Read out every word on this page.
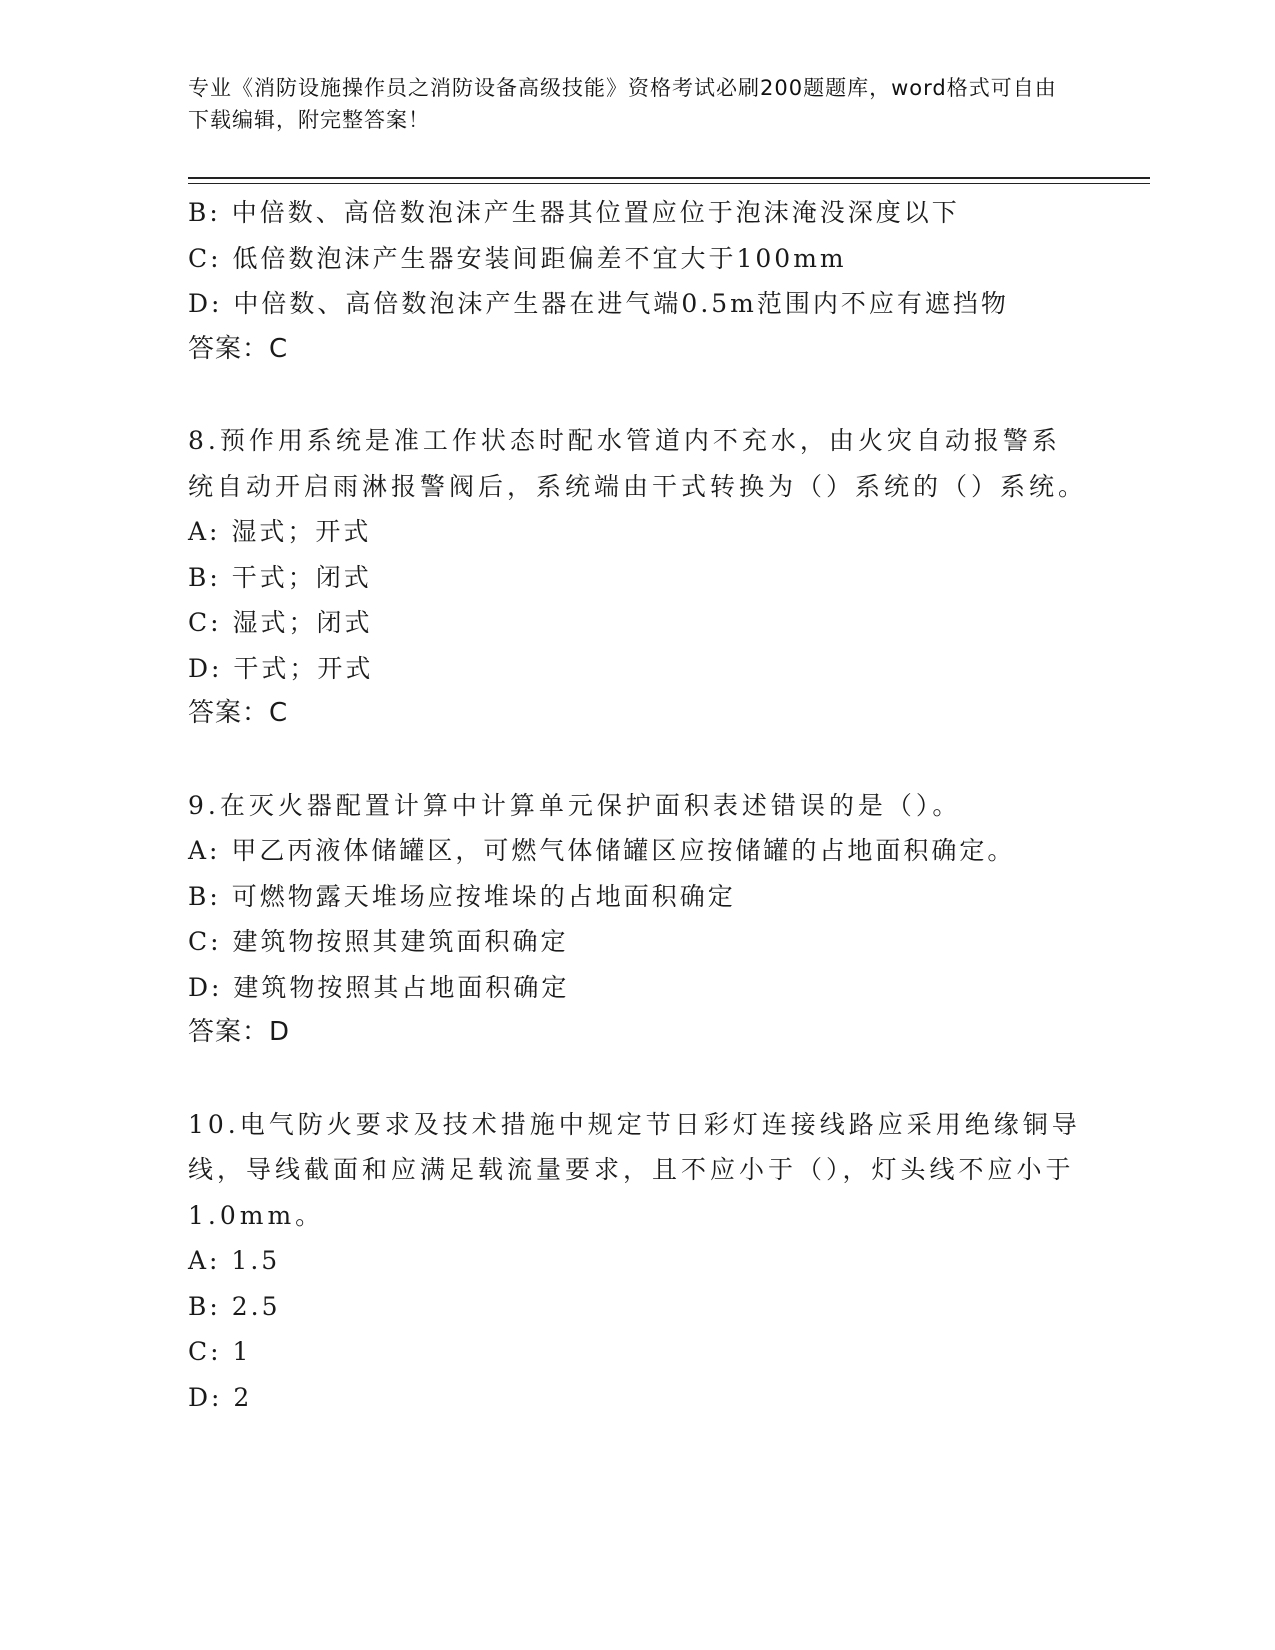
专业《消防设施操作员之消防设备高级技能》资格考试必刷200题题库，word格式可自由下载编辑，附完整答案！
B: 中倍数、高倍数泡沫产生器其位置应位于泡沫淹没深度以下
C: 低倍数泡沫产生器安装间距偏差不宜大于100mm
D: 中倍数、高倍数泡沫产生器在进气端0.5m范围内不应有遮挡物
答案：C
8.预作用系统是准工作状态时配水管道内不充水，由火灾自动报警系统自动开启雨淋报警阀后，系统端由干式转换为（）系统的（）系统。
A: 湿式；开式
B: 干式；闭式
C: 湿式；闭式
D: 干式；开式
答案：C
9.在灭火器配置计算中计算单元保护面积表述错误的是（）。
A: 甲乙丙液体储罐区，可燃气体储罐区应按储罐的占地面积确定。
B: 可燃物露天堆场应按堆垛的占地面积确定
C: 建筑物按照其建筑面积确定
D: 建筑物按照其占地面积确定
答案：D
10.电气防火要求及技术措施中规定节日彩灯连接线路应采用绝缘铜导线，导线截面和应满足载流量要求，且不应小于（），灯头线不应小于1.0mm。
A: 1.5
B: 2.5
C: 1
D: 2
